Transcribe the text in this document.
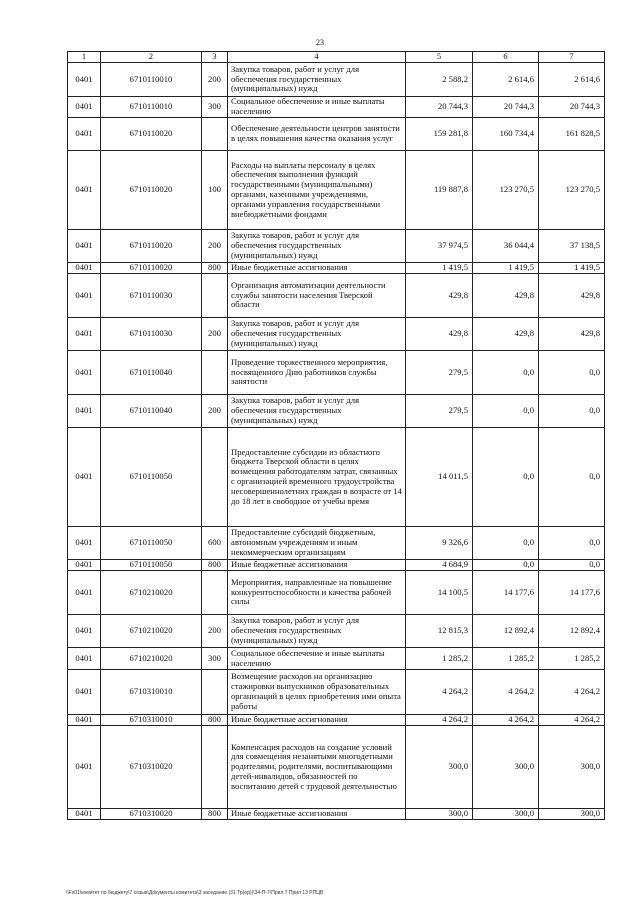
23
1	2	3	4	5	6	7
0401	6710110010	200	Закупка товаров, работ и услуг для обеспечения государственных (муниципальных) нужд	2 588,2	2 614,6	2 614,6
0401	6710110010	300	Социальное обеспечение и иные выплаты населению	20 744,3	20 744,3	20 744,3
0401	6710110020		Обеспечение деятельности центров занятости в целях повышения качества оказания услуг	159 281,8	160 734,4	161 828,5
0401	6710110020	100	Расходы на выплаты персоналу в целях обеспечения выполнения функций государственными (муниципальными) органами, казенными учреждениями, органами управления государственными внебюджетными фондами	119 887,8	123 270,5	123 270,5
0401	6710110020	200	Закупка товаров, работ и услуг для обеспечения государственных (муниципальных) нужд	37 974,5	36 044,4	37 138,5
0401	6710110020	800	Иные бюджетные ассигнования	1 419,5	1 419,5	1 419,5
0401	6710110030		Организация автоматизации деятельности службы занятости населения Тверской области	429,8	429,8	429,8
0401	6710110030	200	Закупка товаров, работ и услуг для обеспечения государственных (муниципальных) нужд	429,8	429,8	429,8
0401	6710110040		Проведение торжественного мероприятия, посвященного Дню работников службы занятости	279,5	0,0	0,0
0401	6710110040	200	Закупка товаров, работ и услуг для обеспечения государственных (муниципальных) нужд	279,5	0,0	0,0
0401	6710110050		Предоставление субсидии из областного бюджета Тверской области в целях возмещения работодателям затрат, связанных с организацией временного трудоустройства несовершеннолетних граждан в возрасте от 14 до 18 лет в свободное от учебы время	14 011,5	0,0	0,0
0401	6710110050	600	Предоставление субсидий бюджетным, автономным учреждениям и иным некоммерческим организациям	9 326,6	0,0	0,0
0401	6710110050	800	Иные бюджетные ассигнования	4 684,9	0,0	0,0
0401	6710210020		Мероприятия, направленные на повышение конкурентоспособности и качества рабочей силы	14 100,5	14 177,6	14 177,6
0401	6710210020	200	Закупка товаров, работ и услуг для обеспечения государственных (муниципальных) нужд	12 815,3	12 892,4	12 892,4
0401	6710210020	300	Социальное обеспечение и иные выплаты населению	1 285,2	1 285,2	1 285,2
0401	6710310010		Возмещение расходов на организацию стажировки выпускников образовательных организаций в целях приобретения ими опыта работы	4 264,2	4 264,2	4 264,2
0401	6710310010	800	Иные бюджетные ассигнования	4 264,2	4 264,2	4 264,2
0401	6710310020		Компенсация расходов на создание условий для совмещения незанятыми многодетными родителями, родителями, воспитывающими детей-инвалидов, обязанностей по воспитанию детей с трудовой деятельностью	300,0	300,0	300,0
0401	6710310020	800	Иные бюджетные ассигнования	300,0	300,0	300,0
\\Fs01\комитет по бюджету\7 созыв\Документы комитета\3 заседание (31 Тр(ер))\34-П-7\Прил 7 Прил 13 РПЦВ
